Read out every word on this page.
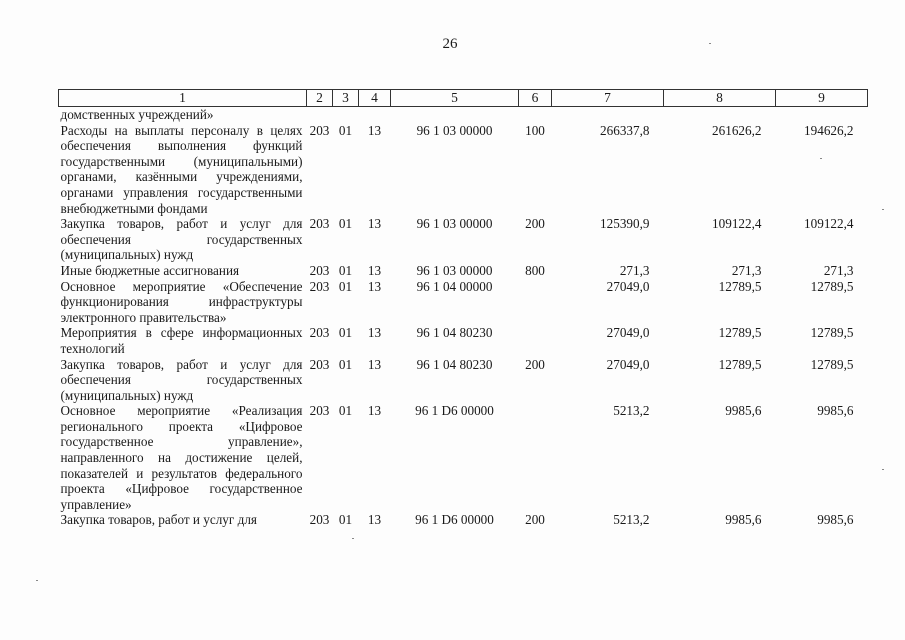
26
1	2	3	4	5	6	7	8	9
домственных учреждений»								
Расходы на выплаты персоналу в целях обеспечения выполнения функций государственными (муниципальными) органами, казёнными учреждениями, органами управления государственными внебюджетными фондами	203	01	13	96 1 03 00000	100	266337,8	261626,2	194626,2
Закупка товаров, работ и услуг для обеспечения государственных (муниципальных) нужд	203	01	13	96 1 03 00000	200	125390,9	109122,4	109122,4
Иные бюджетные ассигнования	203	01	13	96 1 03 00000	800	271,3	271,3	271,3
Основное мероприятие «Обеспечение функционирования инфраструктуры электронного правительства»	203	01	13	96 1 04 00000		27049,0	12789,5	12789,5
Мероприятия в сфере информационных технологий	203	01	13	96 1 04 80230		27049,0	12789,5	12789,5
Закупка товаров, работ и услуг для обеспечения государственных (муниципальных) нужд	203	01	13	96 1 04 80230	200	27049,0	12789,5	12789,5
Основное мероприятие «Реализация регионального проекта «Цифровое государственное управление», направленного на достижение целей, показателей и результатов федерального проекта «Цифровое государственное управление»	203	01	13	96 1 D6 00000		5213,2	9985,6	9985,6
Закупка товаров, работ и услуг для	203	01	13	96 1 D6 00000	200	5213,2	9985,6	9985,6
